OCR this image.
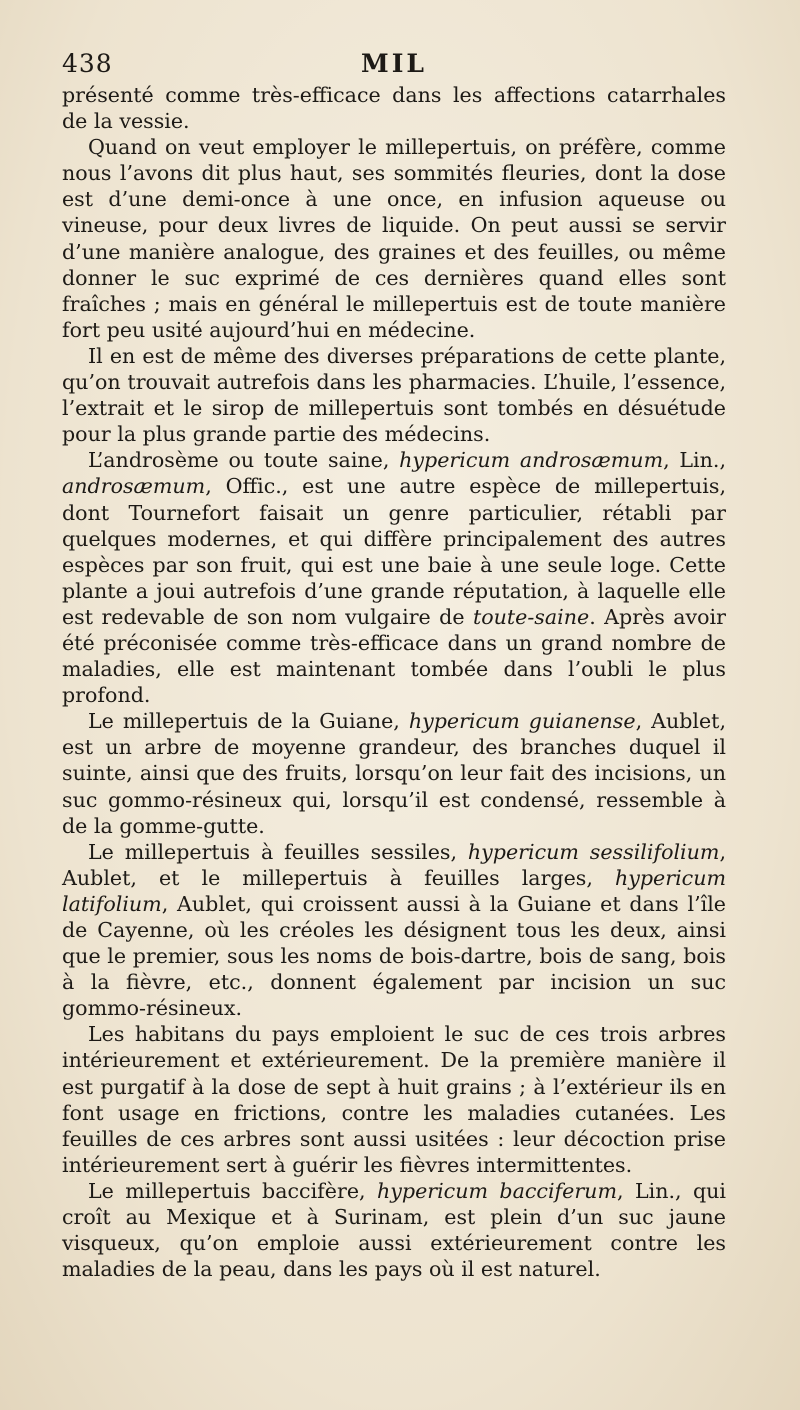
438	MIL

présenté comme très-efficace dans les affections catarrhales de la vessie.

Quand on veut employer le millepertuis, on préfère, comme nous l’avons dit plus haut, ses sommités fleuries, dont la dose est d’une demi-once à une once, en infusion aqueuse ou vineuse, pour deux livres de liquide. On peut aussi se servir d’une manière analogue, des graines et des feuilles, ou même donner le suc exprimé de ces dernières quand elles sont fraîches ; mais en général le millepertuis est de toute manière fort peu usité aujourd’hui en médecine.

Il en est de même des diverses préparations de cette plante, qu’on trouvait autrefois dans les pharmacies. L’huile, l’essence, l’extrait et le sirop de millepertuis sont tombés en désuétude pour la plus grande partie des médecins.

L’androsème ou toute saine, hypericum androsæmum, Lin., androsæmum, Offic., est une autre espèce de millepertuis, dont Tournefort faisait un genre particulier, rétabli par quelques modernes, et qui diffère principalement des autres espèces par son fruit, qui est une baie à une seule loge. Cette plante a joui autrefois d’une grande réputation, à laquelle elle est redevable de son nom vulgaire de toute-saine. Après avoir été préconisée comme très-efficace dans un grand nombre de maladies, elle est maintenant tombée dans l’oubli le plus profond.

Le millepertuis de la Guiane, hypericum guianense, Aublet, est un arbre de moyenne grandeur, des branches duquel il suinte, ainsi que des fruits, lorsqu’on leur fait des incisions, un suc gommo-résineux qui, lorsqu’il est condensé, ressemble à de la gomme-gutte.

Le millepertuis à feuilles sessiles, hypericum sessilifolium, Aublet, et le millepertuis à feuilles larges, hypericum latifolium, Aublet, qui croissent aussi à la Guiane et dans l’île de Cayenne, où les créoles les désignent tous les deux, ainsi que le premier, sous les noms de bois-dartre, bois de sang, bois à la fièvre, etc., donnent également par incision un suc gommo-résineux.

Les habitans du pays emploient le suc de ces trois arbres intérieurement et extérieurement. De la première manière il est purgatif à la dose de sept à huit grains ; à l’extérieur ils en font usage en frictions, contre les maladies cutanées. Les feuilles de ces arbres sont aussi usitées : leur décoction prise intérieurement sert à guérir les fièvres intermittentes.

Le millepertuis baccifère, hypericum bacciferum, Lin., qui croît au Mexique et à Surinam, est plein d’un suc jaune visqueux, qu’on emploie aussi extérieurement contre les maladies de la peau, dans les pays où il est naturel.
